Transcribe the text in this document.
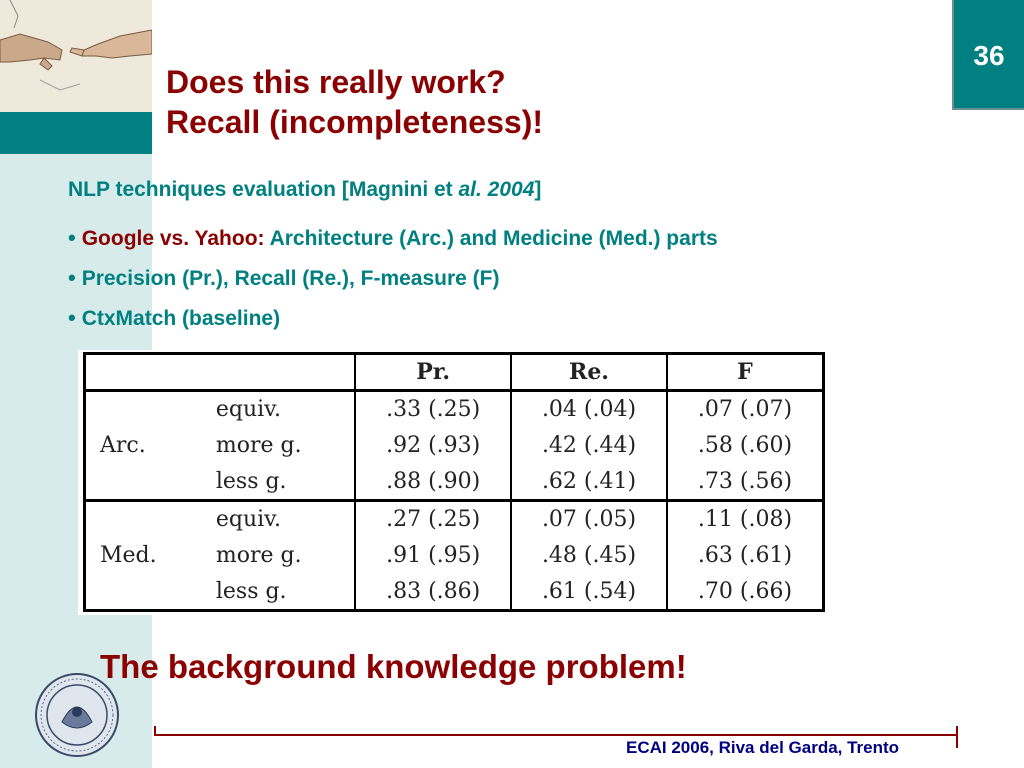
36
Does this really work?
Recall (incompleteness)!
NLP techniques evaluation [Magnini et al. 2004]
• Google vs. Yahoo: Architecture (Arc.) and Medicine (Med.) parts
• Precision (Pr.), Recall (Re.), F-measure (F)
• CtxMatch (baseline)
		Pr.	Re.	F
Arc.	equiv.	.33 (.25)	.04 (.04)	.07 (.07)
	more g.	.92 (.93)	.42 (.44)	.58 (.60)
	less g.	.88 (.90)	.62 (.41)	.73 (.56)
Med.	equiv.	.27 (.25)	.07 (.05)	.11 (.08)
	more g.	.91 (.95)	.48 (.45)	.63 (.61)
	less g.	.83 (.86)	.61 (.54)	.70 (.66)
The background knowledge problem!
ECAI 2006, Riva del Garda, Trento
